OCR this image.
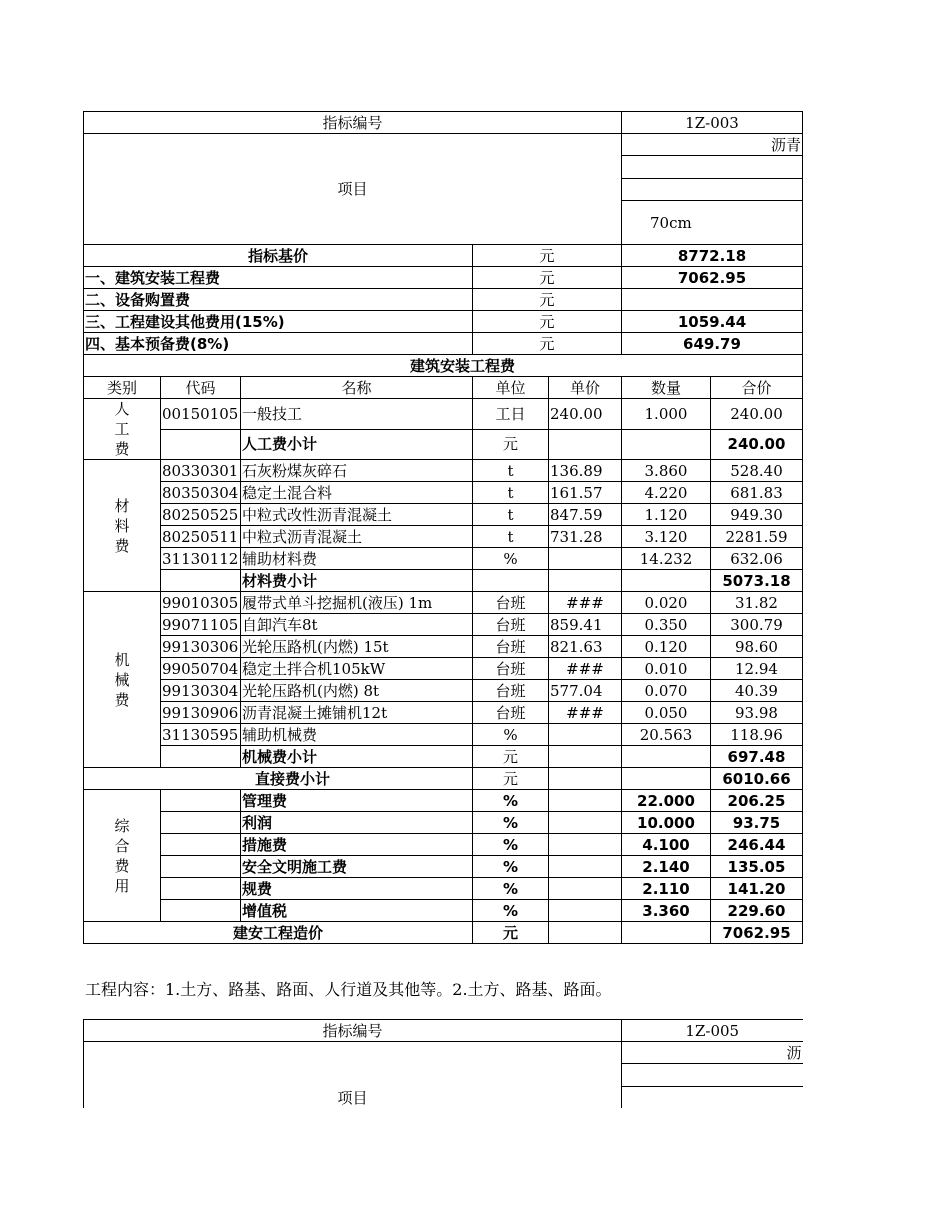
指标编号					1Z-003	
项目					沥青	

					70cm	
指标基价			元		8772.18	
一、建筑安装工程费			元		7062.95	
二、设备购置费			元			
三、工程建设其他费用(15%)			元		1059.44	
四、基本预备费(8%)			元		649.79	
建筑安装工程费						
类别	代码	名称	单位	单价	数量	合价

人
工
费	00150105	一般技工	工日	240.00	1.000	240.00
		人工费小计	元			240.00

材
料
费	80330301	石灰粉煤灰碎石	t	136.89	3.860	528.40
	80350304	稳定土混合料	t	161.57	4.220	681.83
	80250525	中粒式改性沥青混凝土	t	847.59	1.120	949.30
	80250511	中粒式沥青混凝土	t	731.28	3.120	2281.59
	31130112	辅助材料费	%		14.232	632.06
		材料费小计				5073.18

机
械
费	99010305	履带式单斗挖掘机(液压) 1m	台班	###	0.020	31.82
	99071105	自卸汽车8t	台班	859.41	0.350	300.79
	99130306	光轮压路机(内燃) 15t	台班	821.63	0.120	98.60
	99050704	稳定土拌合机105kW	台班	###	0.010	12.94
	99130304	光轮压路机(内燃) 8t	台班	577.04	0.070	40.39
	99130906	沥青混凝土摊铺机12t	台班	###	0.050	93.98
	31130595	辅助机械费	%		20.563	118.96
		机械费小计	元			697.48
直接费小计			元			6010.66

综
合
费
用		管理费	%		22.000	206.25
		利润	%		10.000	93.75
		措施费	%		4.100	246.44
		安全文明施工费	%		2.140	135.05
		规费	%		2.110	141.20
		增值税	%		3.360	229.60
建安工程造价			元			7062.95
工程内容：1.土方、路基、路面、人行道及其他等。2.土方、路基、路面。
指标编号	1Z-005
项目	沥
